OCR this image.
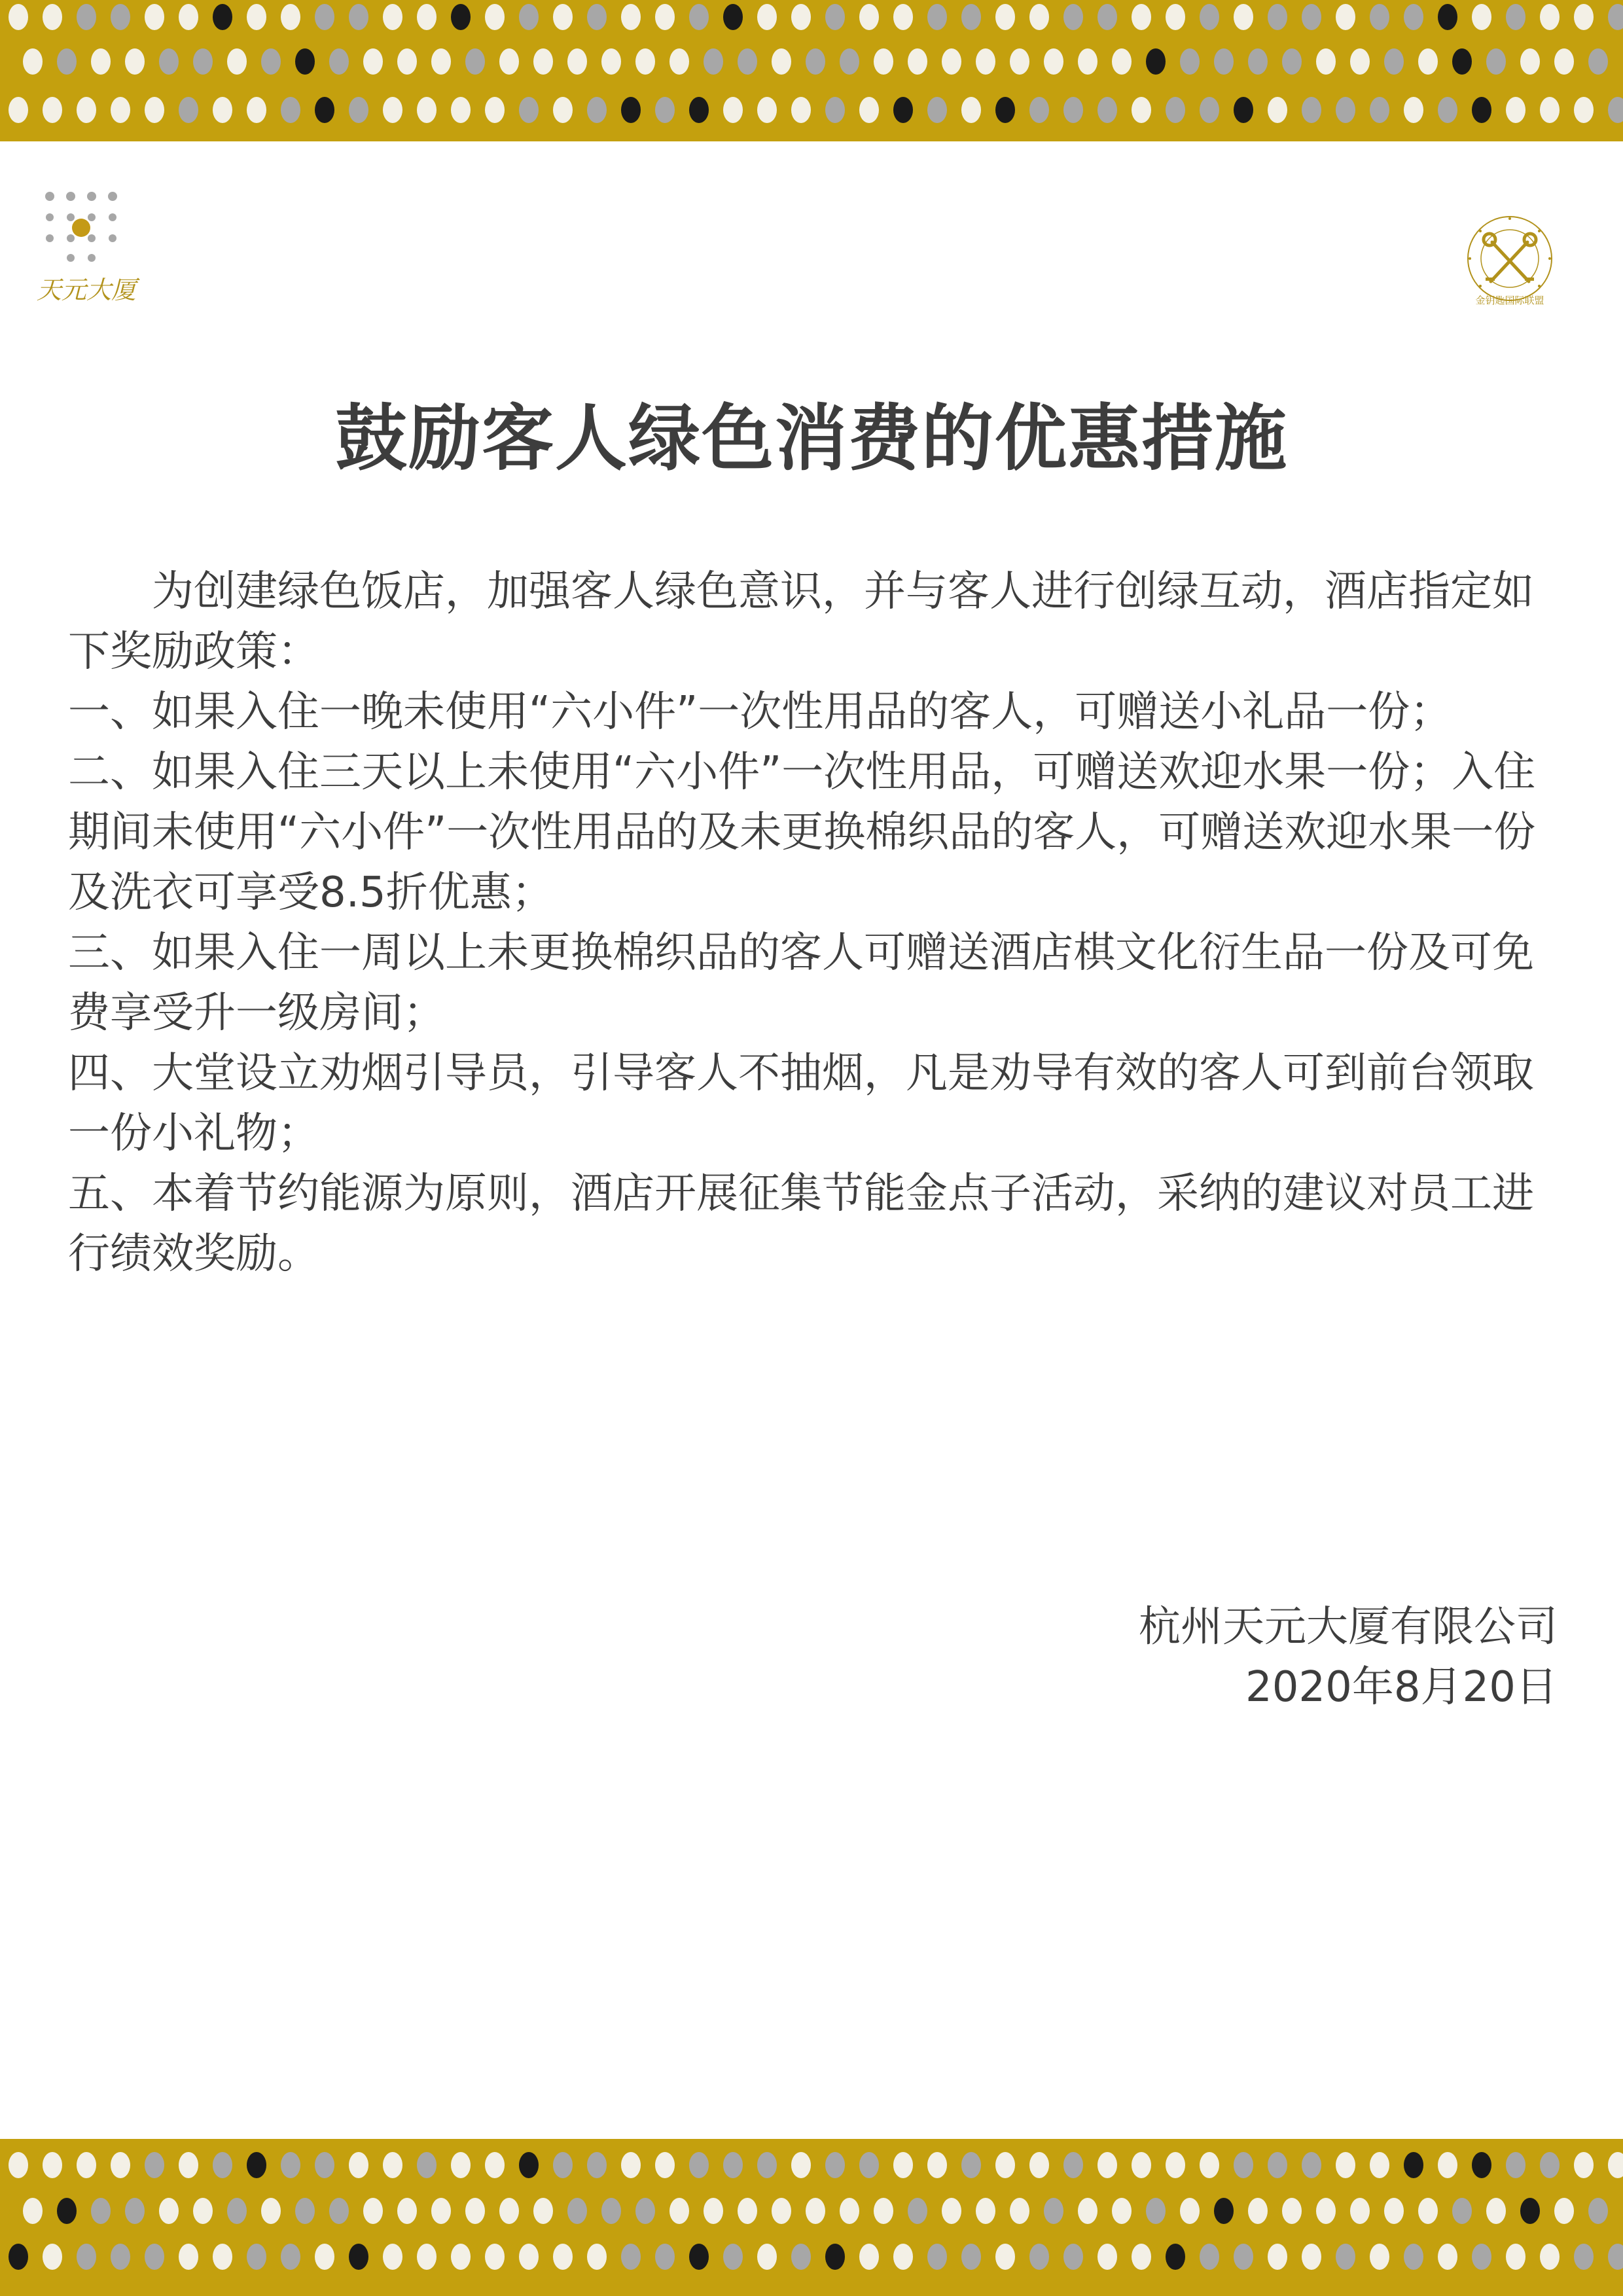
天元大厦	金钥匙国际联盟
鼓励客人绿色消费的优惠措施

为创建绿色饭店，加强客人绿色意识，并与客人进行创绿互动，酒店指定如下奖励政策：

一、如果入住一晚未使用“六小件”一次性用品的客人，可赠送小礼品一份；

二、如果入住三天以上未使用“六小件”一次性用品，可赠送欢迎水果一份；入住期间未使用“六小件”一次性用品的及未更换棉织品的客人，可赠送欢迎水果一份及洗衣可享受8.5折优惠；

三、如果入住一周以上未更换棉织品的客人可赠送酒店棋文化衍生品一份及可免费享受升一级房间；

四、大堂设立劝烟引导员，引导客人不抽烟，凡是劝导有效的客人可到前台领取一份小礼物；

五、本着节约能源为原则，酒店开展征集节能金点子活动，采纳的建议对员工进行绩效奖励。

杭州天元大厦有限公司
2020年8月20日
